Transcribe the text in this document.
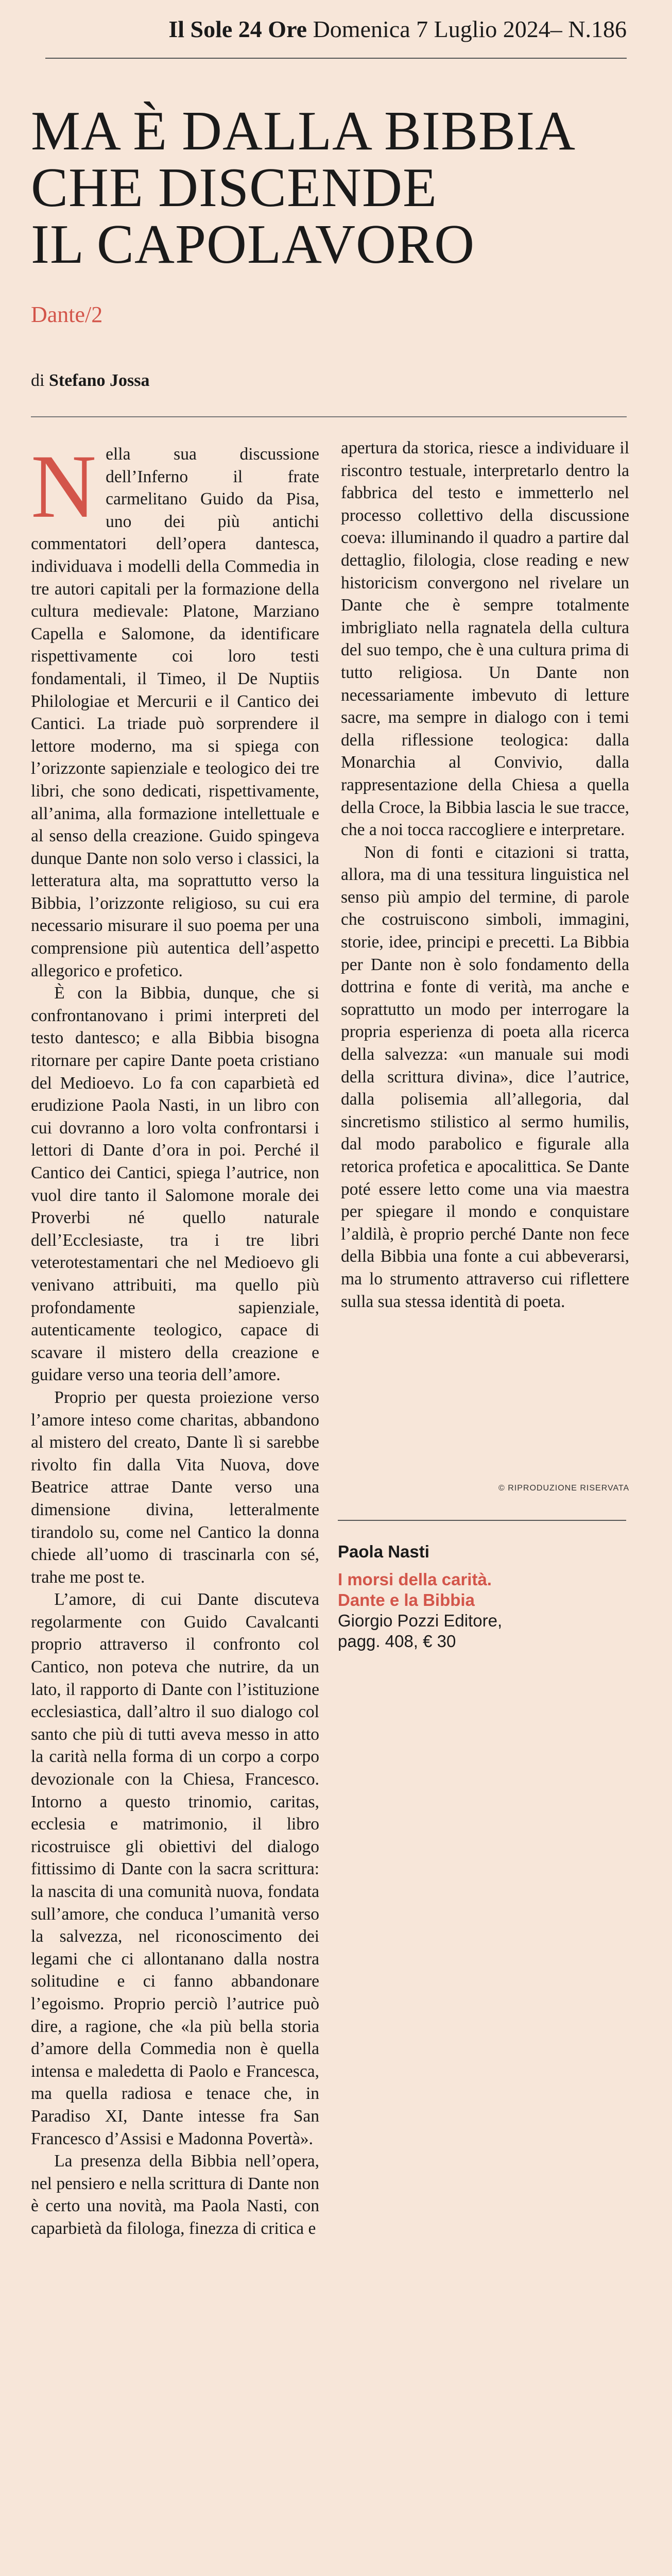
Il Sole 24 Ore Domenica 7 Luglio 2024– N.186
MA È DALLA BIBBIA
CHE DISCENDE
IL CAPOLAVORO
Dante/2
di Stefano Jossa

Nella sua discussione dell’Inferno il frate carmelitano Guido da Pisa, uno dei più antichi commentatori dell’opera dantesca, individuava i modelli della Commedia in tre autori capitali per la formazione della cultura medievale: Platone, Marziano Capella e Salomone, da identificare rispettivamente coi loro testi fondamentali, il Timeo, il De Nuptiis Philologiae et Mercurii e il Cantico dei Cantici. La triade può sorprendere il lettore moderno, ma si spiega con l’orizzonte sapienziale e teologico dei tre libri, che sono dedicati, rispettivamente, all’anima, alla formazione intellettuale e al senso della creazione. Guido spingeva dunque Dante non solo verso i classici, la letteratura alta, ma soprattutto verso la Bibbia, l’orizzonte religioso, su cui era necessario misurare il suo poema per una comprensione più autentica dell’aspetto allegorico e profetico.

È con la Bibbia, dunque, che si confrontanovano i primi interpreti del testo dantesco; e alla Bibbia bisogna ritornare per capire Dante poeta cristiano del Medioevo. Lo fa con caparbietà ed erudizione Paola Nasti, in un libro con cui dovranno a loro volta confrontarsi i lettori di Dante d’ora in poi. Perché il Cantico dei Cantici, spiega l’autrice, non vuol dire tanto il Salomone morale dei Proverbi né quello naturale dell’Ecclesiaste, tra i tre libri veterotestamentari che nel Medioevo gli venivano attribuiti, ma quello più profondamente sapienziale, autenticamente teologico, capace di scavare il mistero della creazione e guidare verso una teoria dell’amore.

Proprio per questa proiezione verso l’amore inteso come charitas, abbandono al mistero del creato, Dante lì si sarebbe rivolto fin dalla Vita Nuova, dove Beatrice attrae Dante verso una dimensione divina, letteralmente tirandolo su, come nel Cantico la donna chiede all’uomo di trascinarla con sé, trahe me post te.

L’amore, di cui Dante discuteva regolarmente con Guido Cavalcanti proprio attraverso il confronto col Cantico, non poteva che nutrire, da un lato, il rapporto di Dante con l’istituzione ecclesiastica, dall’altro il suo dialogo col santo che più di tutti aveva messo in atto la carità nella forma di un corpo a corpo devozionale con la Chiesa, Francesco. Intorno a questo trinomio, caritas, ecclesia e matrimonio, il libro ricostruisce gli obiettivi del dialogo fittissimo di Dante con la sacra scrittura: la nascita di una comunità nuova, fondata sull’amore, che conduca l’umanità verso la salvezza, nel riconoscimento dei legami che ci allontanano dalla nostra solitudine e ci fanno abbandonare l’egoismo. Proprio perciò l’autrice può dire, a ragione, che «la più bella storia d’amore della Commedia non è quella intensa e maledetta di Paolo e Francesca, ma quella radiosa e tenace che, in Paradiso XI, Dante intesse fra San Francesco d’Assisi e Madonna Povertà».

La presenza della Bibbia nell’opera, nel pensiero e nella scrittura di Dante non è certo una novità, ma Paola Nasti, con caparbietà da filologa, finezza di critica e

apertura da storica, riesce a individuare il riscontro testuale, interpretarlo dentro la fabbrica del testo e immetterlo nel processo collettivo della discussione coeva: illuminando il quadro a partire dal dettaglio, filologia, close reading e new historicism convergono nel rivelare un Dante che è sempre totalmente imbrigliato nella ragnatela della cultura del suo tempo, che è una cultura prima di tutto religiosa. Un Dante non necessariamente imbevuto di letture sacre, ma sempre in dialogo con i temi della riflessione teologica: dalla Monarchia al Convivio, dalla rappresentazione della Chiesa a quella della Croce, la Bibbia lascia le sue tracce, che a noi tocca raccogliere e interpretare.

Non di fonti e citazioni si tratta, allora, ma di una tessitura linguistica nel senso più ampio del termine, di parole che costruiscono simboli, immagini, storie, idee, principi e precetti. La Bibbia per Dante non è solo fondamento della dottrina e fonte di verità, ma anche e soprattutto un modo per interrogare la propria esperienza di poeta alla ricerca della salvezza: «un manuale sui modi della scrittura divina», dice l’autrice, dalla polisemia all’allegoria, dal sincretismo stilistico al sermo humilis, dal modo parabolico e figurale alla retorica profetica e apocalittica. Se Dante poté essere letto come una via maestra per spiegare il mondo e conquistare l’aldilà, è proprio perché Dante non fece della Bibbia una fonte a cui abbeverarsi, ma lo strumento attraverso cui riflettere sulla sua stessa identità di poeta.

© RIPRODUZIONE RISERVATA
Paola Nasti
I morsi della carità.
Dante e la Bibbia
Giorgio Pozzi Editore,
pagg. 408, € 30
